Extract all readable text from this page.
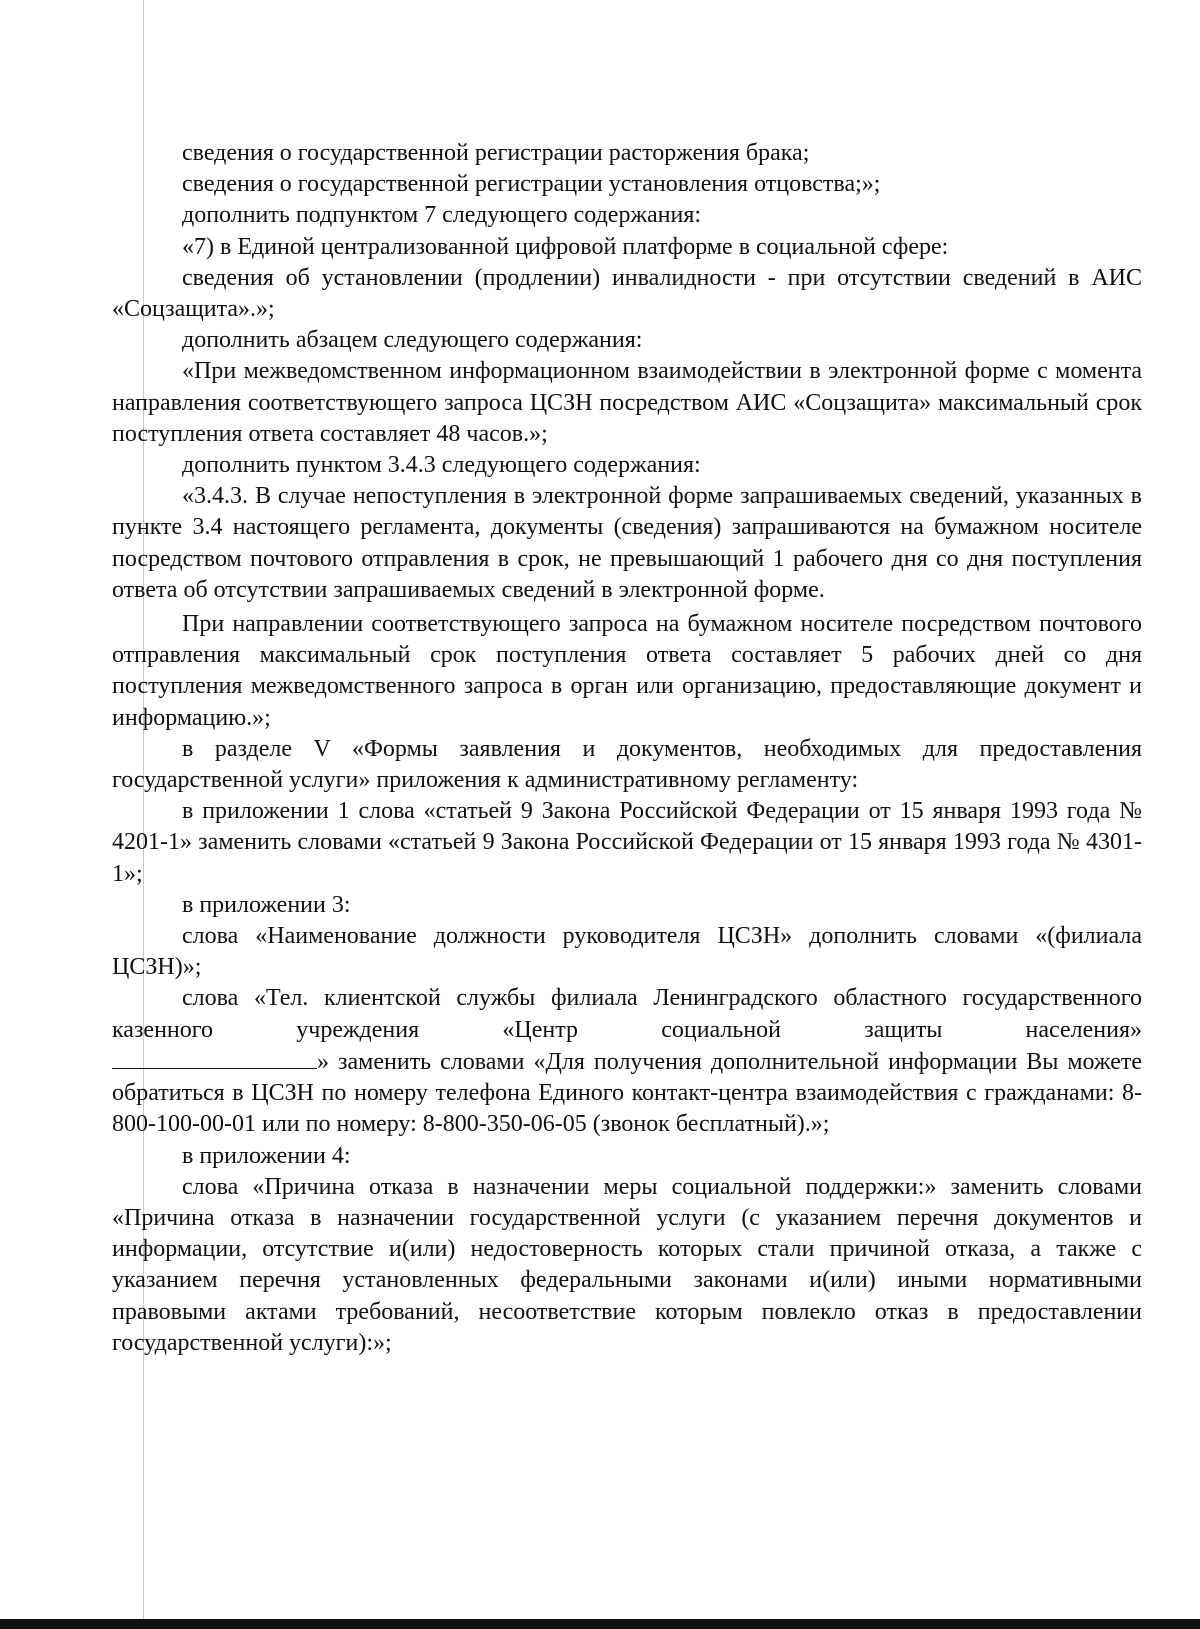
сведения о государственной регистрации расторжения брака;

сведения о государственной регистрации установления отцовства;»;

дополнить подпунктом 7 следующего содержания:

«7) в Единой централизованной цифровой платформе в социальной сфере:

сведения об установлении (продлении) инвалидности - при отсутствии сведений в АИС «Соцзащита».»;

дополнить абзацем следующего содержания:

«При межведомственном информационном взаимодействии в электронной форме с момента направления соответствующего запроса ЦСЗН посредством АИС «Соцзащита» максимальный срок поступления ответа составляет 48 часов.»;

дополнить пунктом 3.4.3 следующего содержания:

«3.4.3. В случае непоступления в электронной форме запрашиваемых сведений, указанных в пункте 3.4 настоящего регламента, документы (сведения) запрашиваются на бумажном носителе посредством почтового отправления в срок, не превышающий 1 рабочего дня со дня поступления ответа об отсутствии запрашиваемых сведений в электронной форме.

При направлении соответствующего запроса на бумажном носителе посредством почтового отправления максимальный срок поступления ответа составляет 5 рабочих дней со дня поступления межведомственного запроса в орган или организацию, предоставляющие документ и информацию.»;

в разделе V «Формы заявления и документов, необходимых для предоставления государственной услуги» приложения к административному регламенту:

в приложении 1 слова «статьей 9 Закона Российской Федерации от 15 января 1993 года № 4201-1» заменить словами «статьей 9 Закона Российской Федерации от 15 января 1993 года № 4301-1»;

в приложении 3:

слова «Наименование должности руководителя ЦСЗН» дополнить словами «(филиала ЦСЗН)»;

слова «Тел. клиентской службы филиала Ленинградского областного государственного казенного учреждения «Центр социальной защиты населения»

» заменить словами «Для получения дополнительной информации Вы можете обратиться в ЦСЗН по номеру телефона Единого контакт-центра взаимодействия с гражданами: 8-800-100-00-01 или по номеру: 8-800-350-06-05 (звонок бесплатный).»;

в приложении 4:

слова «Причина отказа в назначении меры социальной поддержки:» заменить словами «Причина отказа в назначении государственной услуги (с указанием перечня документов и информации, отсутствие и(или) недостоверность которых стали причиной отказа, а также с указанием перечня установленных федеральными законами и(или) иными нормативными правовыми актами требований, несоответствие которым повлекло отказ в предоставлении государственной услуги):»;
